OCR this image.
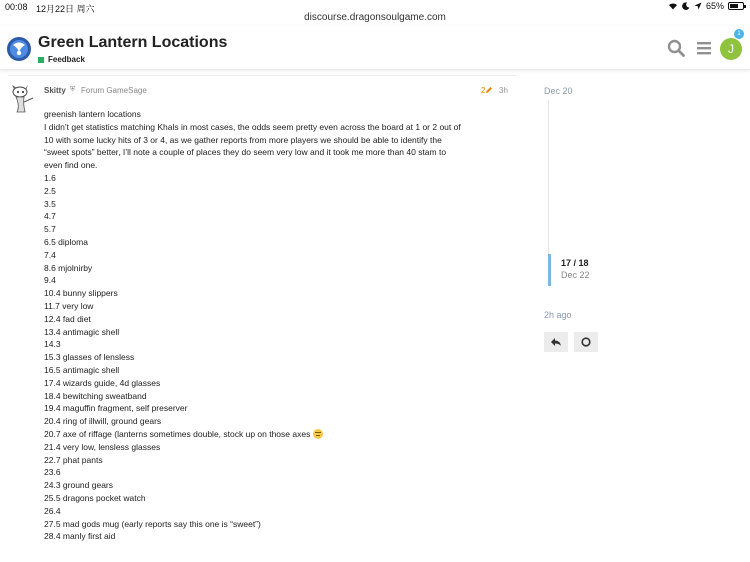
00:08 12月22日 周六	65%
discourse.dragonsoulgame.com
Green Lantern Locations
Feedback
J
1
Skitty ⛨ Forum GameSage	2	3h
greenish lantern locations
I didn’t get statistics matching Khals in most cases, the odds seem pretty even across the board at 1 or 2 out of
10 with some lucky hits of 3 or 4, as we gather reports from more players we should be able to identify the
“sweet spots” better, I’ll note a couple of places they do seem very low and it took me more than 40 stam to
even find one.
1.6
2.5
3.5
4.7
5.7
6.5 diploma
7.4
8.6 mjolnirby
9.4
10.4 bunny slippers
11.7 very low
12.4 fad diet
13.4 antimagic shell
14.3
15.3 glasses of lensless
16.5 antimagic shell
17.4 wizards guide, 4d glasses
18.4 bewitching sweatband
19.4 maguffin fragment, self preserver
20.4 ring of illwill, ground gears
20.7 axe of riffage (lanterns sometimes double, stock up on those axes
21.4 very low, lensless glasses
22.7 phat pants
23.6
24.3 ground gears
25.5 dragons pocket watch
26.4
27.5 mad gods mug (early reports say this one is “sweet”)
28.4 manly first aid
Dec 20
17 / 18
Dec 22
2h ago
